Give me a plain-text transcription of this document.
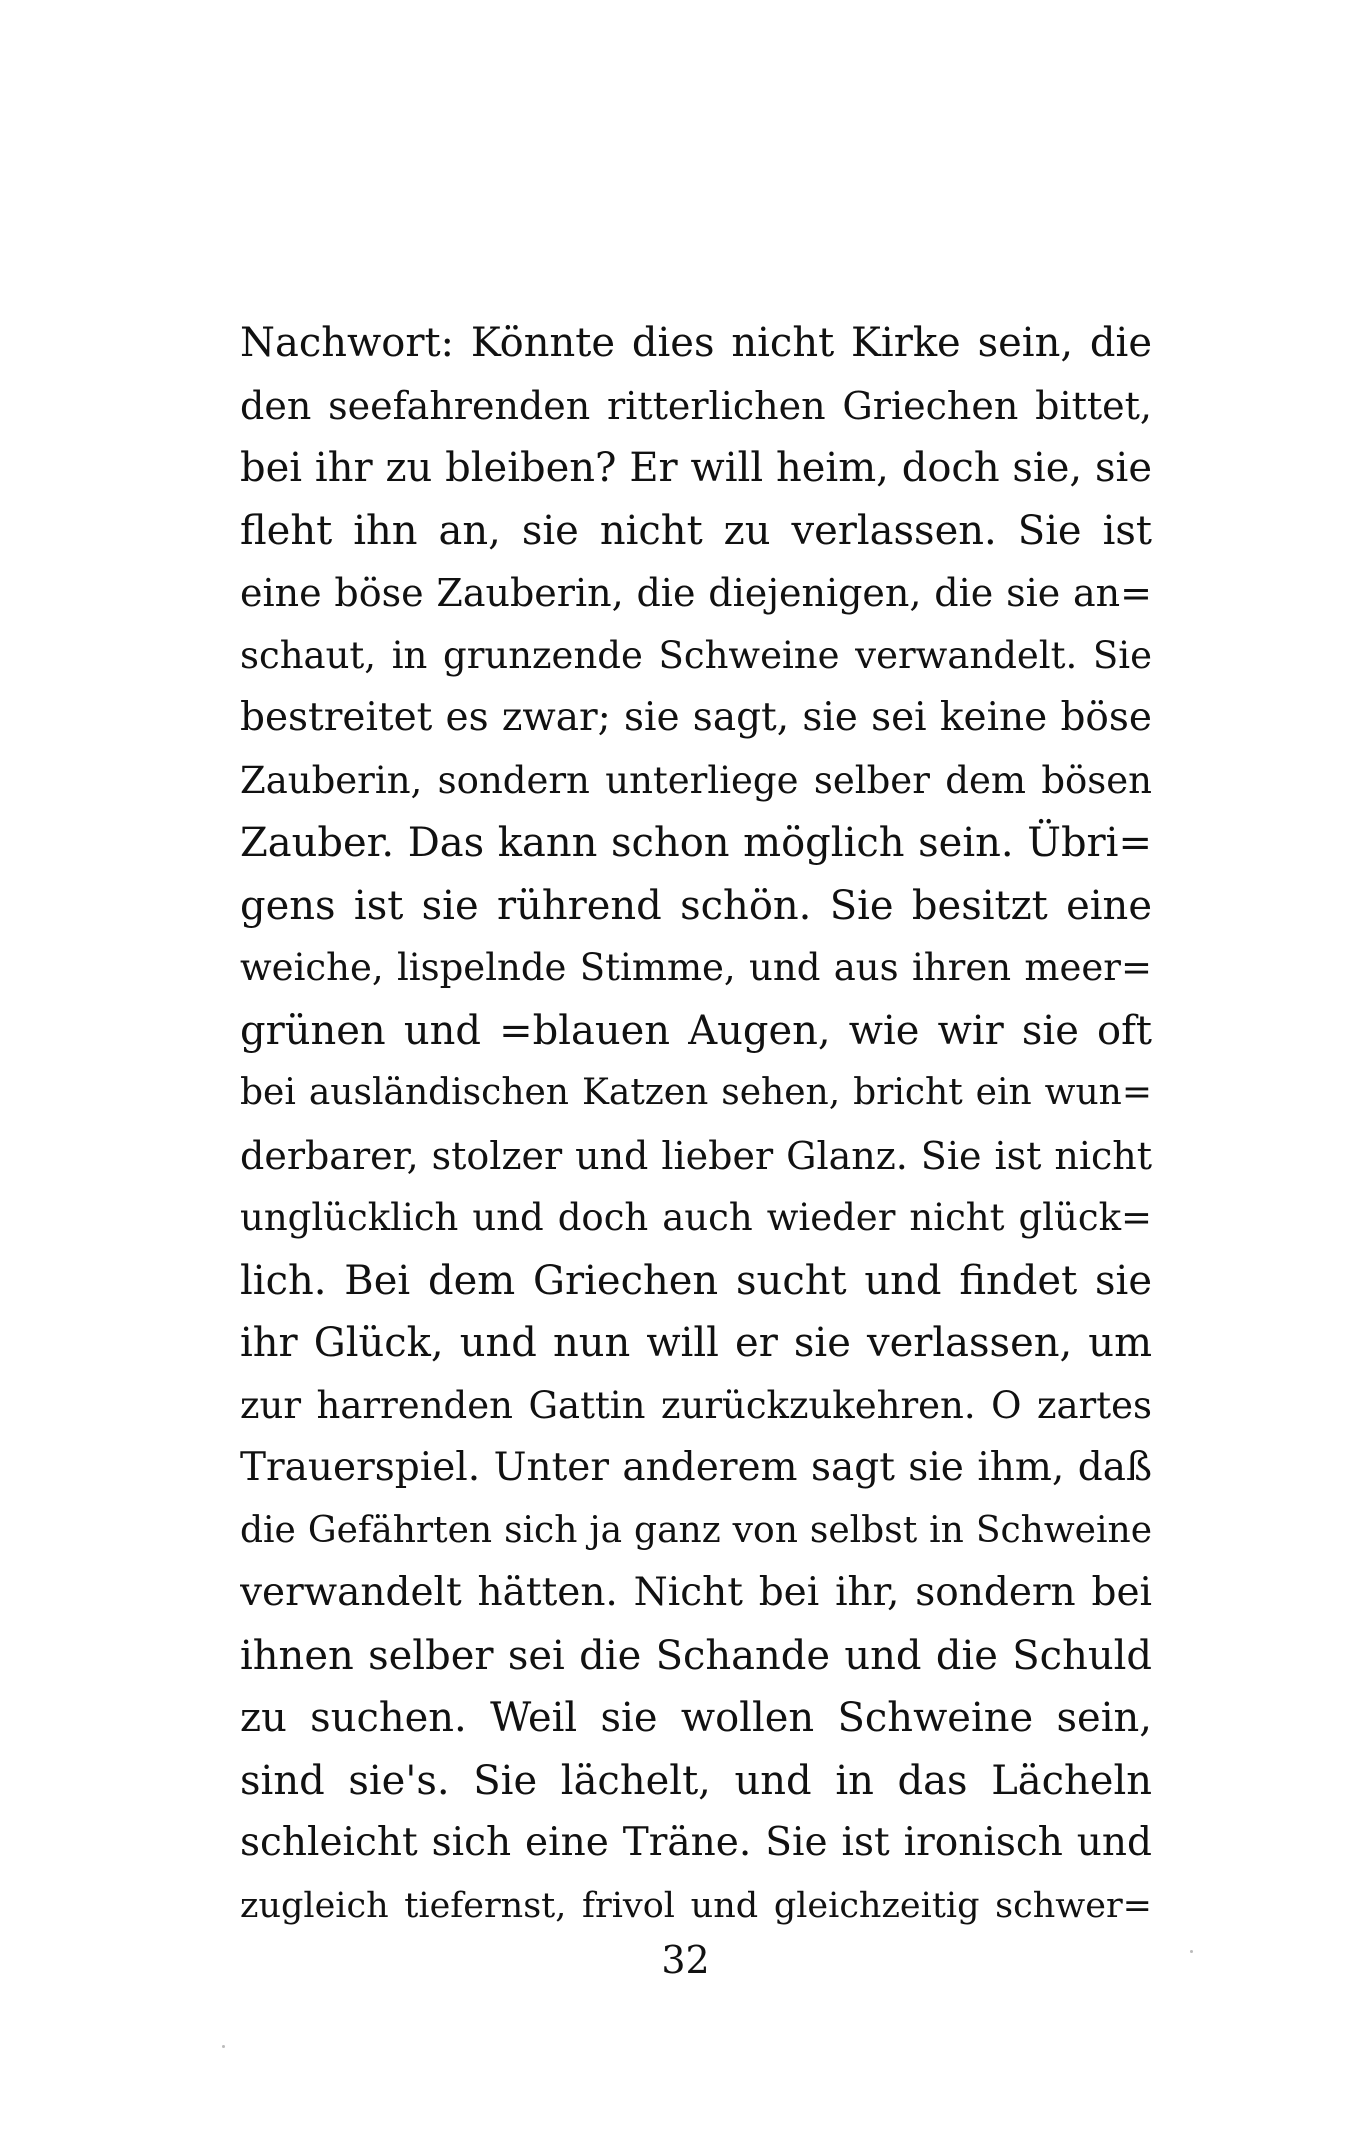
Nachwort: Könnte dies nicht Kirke sein, die
den seefahrenden ritterlichen Griechen bittet,
bei ihr zu bleiben? Er will heim, doch sie, sie
fleht ihn an, sie nicht zu verlassen. Sie ist
eine böse Zauberin, die diejenigen, die sie an=
schaut, in grunzende Schweine verwandelt. Sie
bestreitet es zwar; sie sagt, sie sei keine böse
Zauberin, sondern unterliege selber dem bösen
Zauber. Das kann schon möglich sein. Übri=
gens ist sie rührend schön. Sie besitzt eine
weiche, lispelnde Stimme, und aus ihren meer=
grünen und =blauen Augen, wie wir sie oft
bei ausländischen Katzen sehen, bricht ein wun=
derbarer, stolzer und lieber Glanz. Sie ist nicht
unglücklich und doch auch wieder nicht glück=
lich. Bei dem Griechen sucht und findet sie
ihr Glück, und nun will er sie verlassen, um
zur harrenden Gattin zurückzukehren. O zartes
Trauerspiel. Unter anderem sagt sie ihm, daß
die Gefährten sich ja ganz von selbst in Schweine
verwandelt hätten. Nicht bei ihr, sondern bei
ihnen selber sei die Schande und die Schuld
zu suchen. Weil sie wollen Schweine sein,
sind sie's. Sie lächelt, und in das Lächeln
schleicht sich eine Träne. Sie ist ironisch und
zugleich tiefernst, frivol und gleichzeitig schwer=
32
